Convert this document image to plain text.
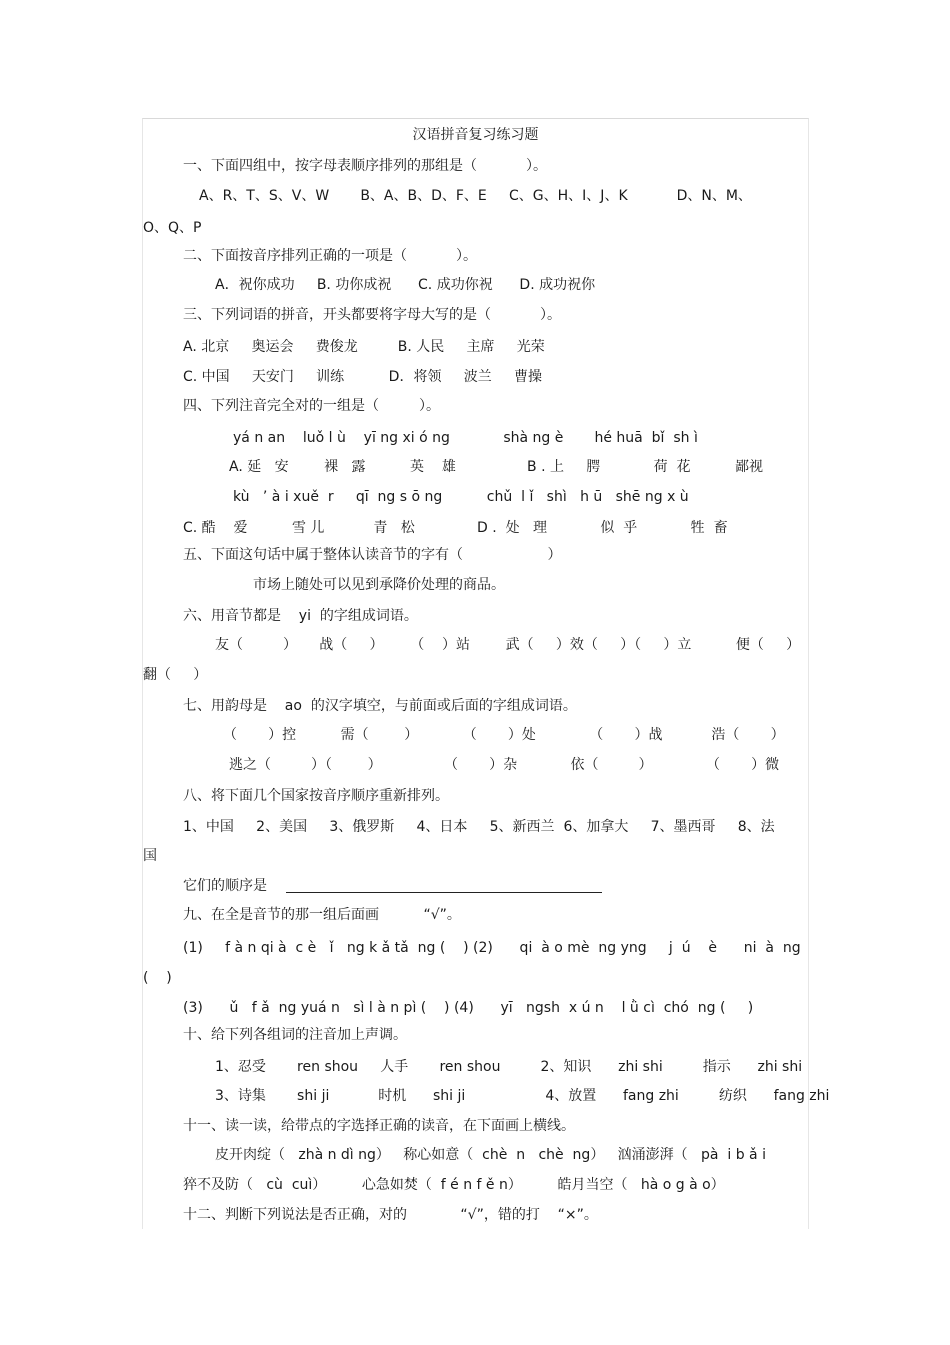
汉语拼音复习练习题
一、下面四组中，按字母表顺序排列的那组是（           ）。
A、R、T、S、V、W       B、A、B、D、F、E     C、G、H、I、J、K           D、N、M、
O、Q、P
二、下面按音序排列正确的一项是（           ）。
A．祝你成功     B. 功你成祝      C. 成功你祝      D. 成功祝你
三、下列词语的拼音，开头都要将字母大写的是（           ）。
A. 北京     奥运会     费俊龙         B. 人民     主席     光荣
C. 中国     天安门     训练          D．将领     波兰     曹操
四、下列注音完全对的一组是（         ）。
yá n an    luǒ l ù    yī ng xi ó ng            shà ng è       hé huā  bǐ  sh ì
A. 延   安        裸   露          英    雄                B . 上     腭            荷  花          鄙视
kù   ’ à i xuě  r     qī  ng s ō ng          chǔ  l ǐ   shì   h ū   shē ng x ù
C. 酷    爱          雪 儿           青   松              D .  处   理            似  乎            牲  畜
五、下面这句话中属于整体认读音节的字有（                   ）
市场上随处可以见到承降价处理的商品。
六、用音节都是    yi  的字组成词语。
友（         ）     战（     ）      （    ）站        武（     ）效（     ）（     ）立          便（     ）
翻（     ）
七、用韵母是    ao  的汉字填空，与前面或后面的字组成词语。
（       ）控          需（        ）          （       ）处            （       ）战           浩（       ）
逃之（         ）（        ）              （       ）杂            依（         ）            （       ）微
八、将下面几个国家按音序顺序重新排列。
1、中国     2、美国     3、俄罗斯     4、日本     5、新西兰  6、加拿大     7、墨西哥     8、法
国
它们的顺序是
九、在全是音节的那一组后面画          “√”。
(1)     f à n qi à  c è   ǐ   ng k ǎ tǎ  ng (    ) (2)      qi  à o mè  ng yng     j  ú    è      ni  à  ng
(    )
(3)      ǔ   f ǎ  ng yuá n   sì l à n pì (    ) (4)      yī   ngsh  x ú n    l ǜ cì  chó  ng (     )
十、给下列各组词的注音加上声调。
1、忍受       ren shou     人手       ren shou         2、知识      zhi shi         指示      zhi shi
3、诗集       shi ji           时机      shi ji                  4、放置      fang zhi         纺织      fang zhi
十一、读一读，给带点的字选择正确的读音，在下面画上横线。
皮开肉绽（   zhà n dì ng）   称心如意（  chè  n   chè  ng）   汹涌澎湃（   pà  i b ǎ i
猝不及防（   cù  cuì）        心急如焚（  f é n f ě n）        皓月当空（   hà o g à o）
十二、判断下列说法是否正确，对的            “√”，错的打    “×”。
